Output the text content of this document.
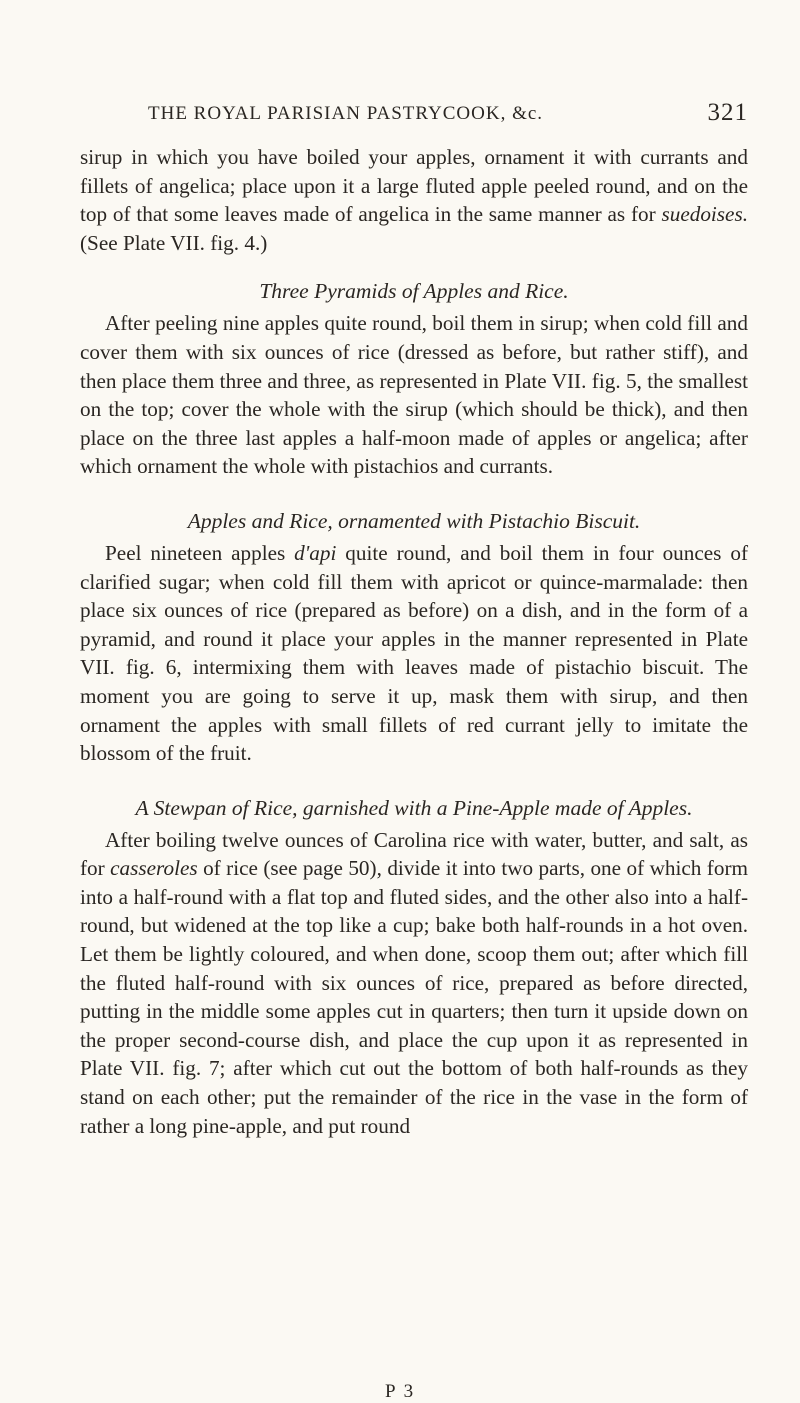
THE ROYAL PARISIAN PASTRYCOOK, &c.	321

sirup in which you have boiled your apples, ornament it with currants and fillets of angelica; place upon it a large fluted apple peeled round, and on the top of that some leaves made of angelica in the same manner as for suedoises. (See Plate VII. fig. 4.)

Three Pyramids of Apples and Rice.

After peeling nine apples quite round, boil them in sirup; when cold fill and cover them with six ounces of rice (dressed as before, but rather stiff), and then place them three and three, as represented in Plate VII. fig. 5, the smallest on the top; cover the whole with the sirup (which should be thick), and then place on the three last apples a half-moon made of apples or angelica; after which ornament the whole with pistachios and currants.

Apples and Rice, ornamented with Pistachio Biscuit.

Peel nineteen apples d'api quite round, and boil them in four ounces of clarified sugar; when cold fill them with apricot or quince-marmalade: then place six ounces of rice (prepared as before) on a dish, and in the form of a pyramid, and round it place your apples in the manner represented in Plate VII. fig. 6, intermixing them with leaves made of pistachio biscuit. The moment you are going to serve it up, mask them with sirup, and then ornament the apples with small fillets of red currant jelly to imitate the blossom of the fruit.

A Stewpan of Rice, garnished with a Pine-Apple made of Apples.

After boiling twelve ounces of Carolina rice with water, butter, and salt, as for casseroles of rice (see page 50), divide it into two parts, one of which form into a half-round with a flat top and fluted sides, and the other also into a half-round, but widened at the top like a cup; bake both half-rounds in a hot oven. Let them be lightly coloured, and when done, scoop them out; after which fill the fluted half-round with six ounces of rice, prepared as before directed, putting in the middle some apples cut in quarters; then turn it upside down on the proper second-course dish, and place the cup upon it as represented in Plate VII. fig. 7; after which cut out the bottom of both half-rounds as they stand on each other; put the remainder of the rice in the vase in the form of rather a long pine-apple, and put round

P 3
